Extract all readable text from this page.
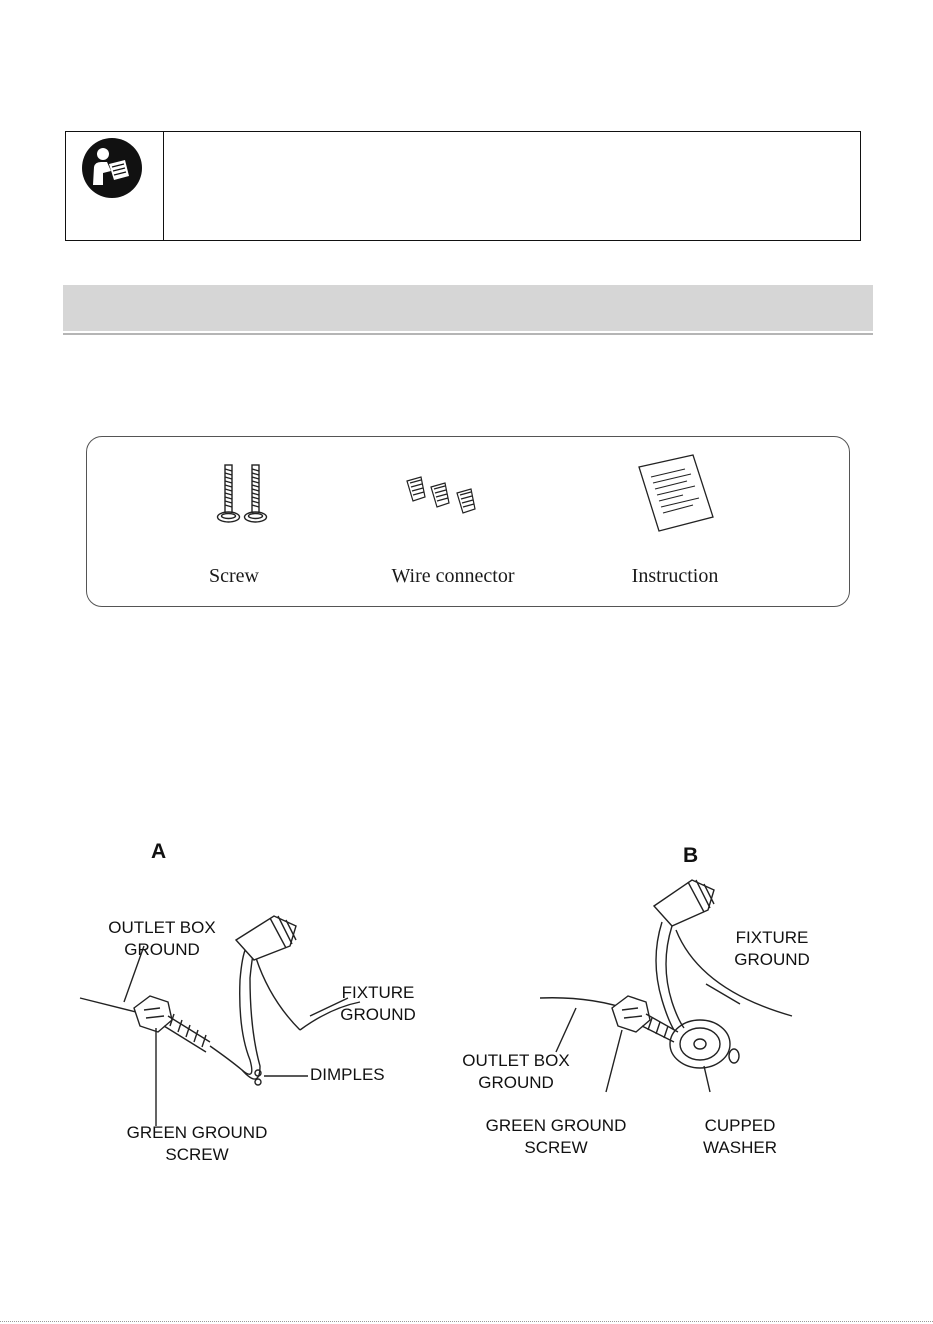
Screw	Wire connector	Instruction
A
OUTLET BOX
GROUND
FIXTURE
GROUND
DIMPLES
GREEN GROUND
SCREW
B
FIXTURE
GROUND
OUTLET BOX
GROUND
GREEN GROUND
SCREW
CUPPED
WASHER
